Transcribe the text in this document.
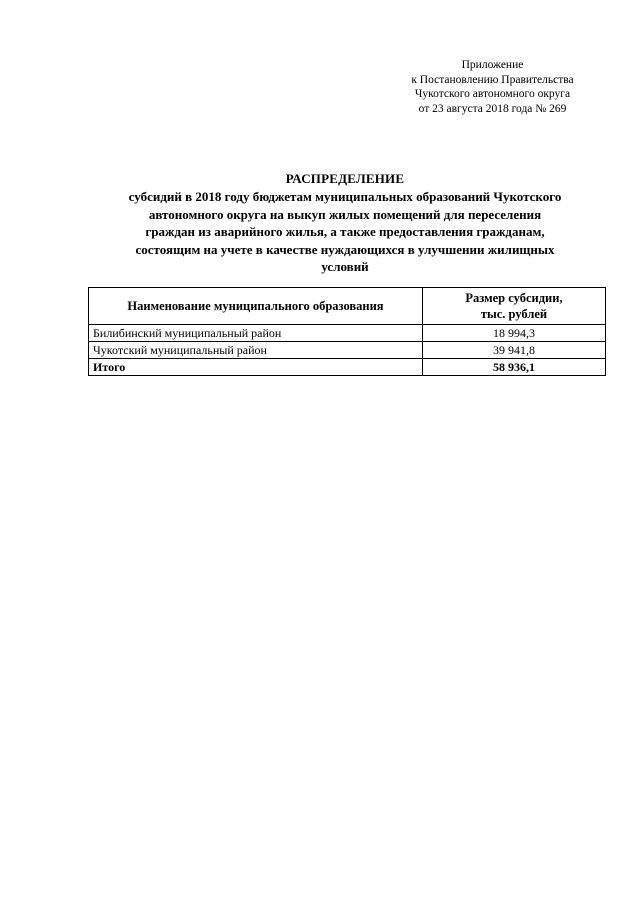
Приложение
к Постановлению Правительства
Чукотского автономного округа
от 23 августа 2018 года № 269
РАСПРЕДЕЛЕНИЕ
субсидий в 2018 году бюджетам муниципальных образований Чукотского
автономного округа на выкуп жилых помещений для переселения
граждан из аварийного жилья, а также предоставления гражданам,
состоящим на учете в качестве нуждающихся в улучшении жилищных
условий
Наименование муниципального образования	Размер субсидии,
тыс. рублей

Билибинский муниципальный район	18 994,3
Чукотский муниципальный район	39 941,8
Итого	58 936,1
